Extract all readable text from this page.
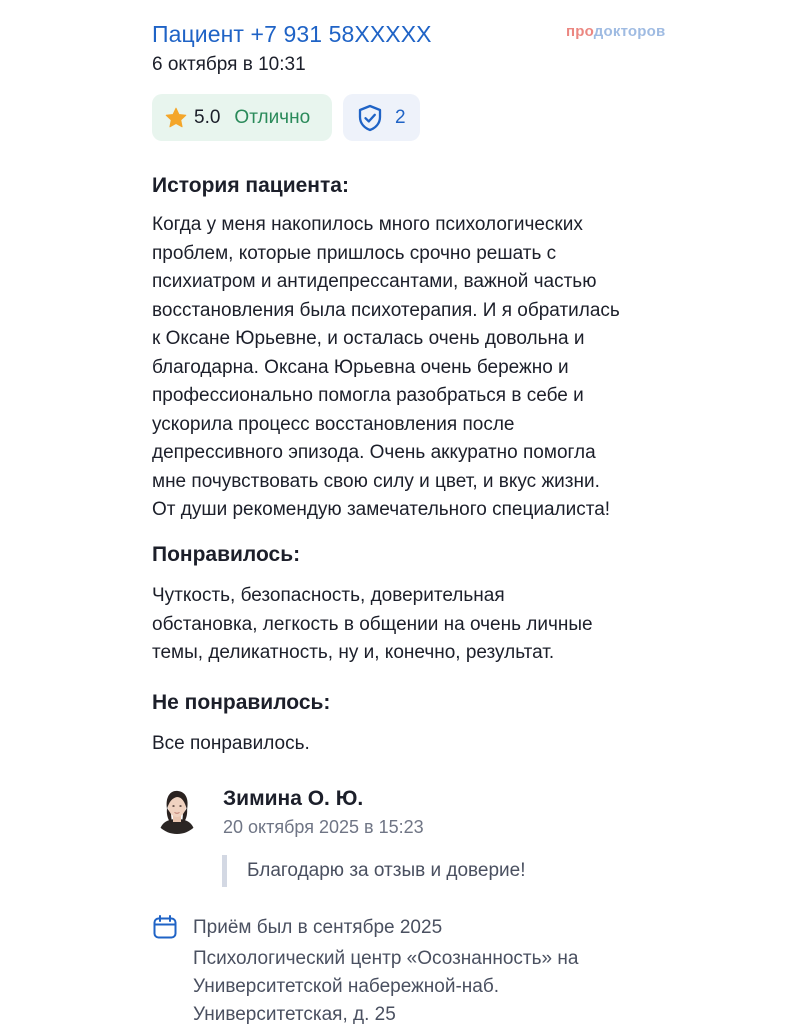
Пациент +7 931 58XXXXX	продокторов
6 октября в 10:31
5.0 Отлично	2
История пациента:
Когда у меня накопилось много психологических
проблем, которые пришлось срочно решать с
психиатром и антидепрессантами, важной частью
восстановления была психотерапия. И я обратилась
к Оксане Юрьевне, и осталась очень довольна и
благодарна. Оксана Юрьевна очень бережно и
профессионально помогла разобраться в себе и
ускорила процесс восстановления после
депрессивного эпизода. Очень аккуратно помогла
мне почувствовать свою силу и цвет, и вкус жизни.
От души рекомендую замечательного специалиста!
Понравилось:
Чуткость, безопасность, доверительная
обстановка, легкость в общении на очень личные
темы, деликатность, ну и, конечно, результат.
Не понравилось:
Все понравилось.
Зимина О. Ю.
20 октября 2025 в 15:23
Благодарю за отзыв и доверие!
Приём был в сентябре 2025
Психологический центр «Осознанность» на
Университетской набережной-наб.
Университетская, д. 25
